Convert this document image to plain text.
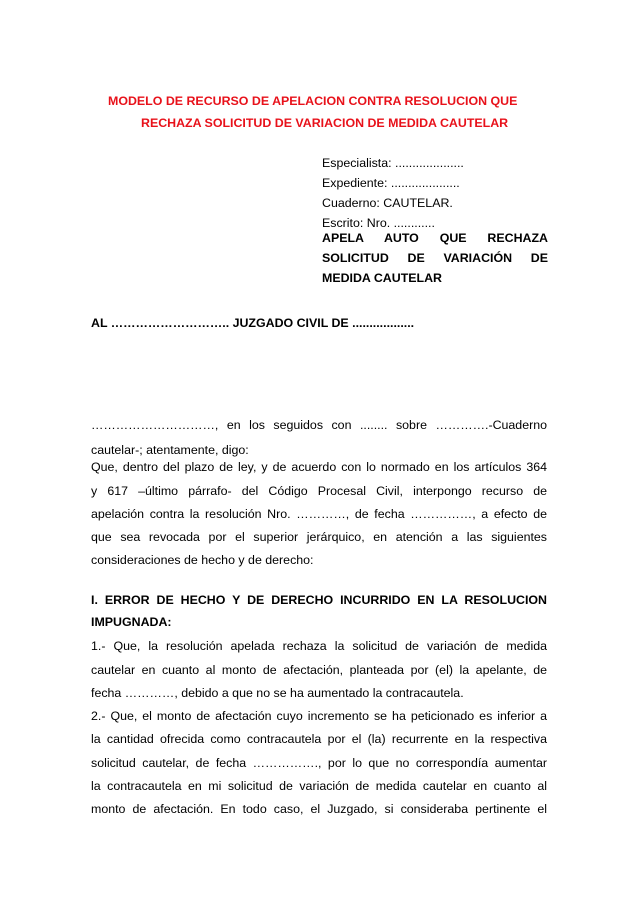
MODELO DE RECURSO DE APELACION CONTRA RESOLUCION QUE
RECHAZA SOLICITUD DE VARIACION DE MEDIDA CAUTELAR
Especialista: ....................
Expediente: ....................
Cuaderno: CAUTELAR.
Escrito: Nro. ............
APELA AUTO QUE RECHAZA
SOLICITUD DE VARIACIÓN DE
MEDIDA CAUTELAR
AL ……………………….. JUZGADO CIVIL DE ..................
…………………………, en los seguidos con ........ sobre ………….-Cuaderno
cautelar-; atentamente, digo:
Que, dentro del plazo de ley, y de acuerdo con lo normado en los artículos 364
y 617 –último párrafo- del Código Procesal Civil, interpongo recurso de
apelación contra la resolución Nro. …………, de fecha ……………, a efecto de
que sea revocada por el superior jerárquico, en atención a las siguientes
consideraciones de hecho y de derecho:
I. ERROR DE HECHO Y DE DERECHO INCURRIDO EN LA RESOLUCION
IMPUGNADA:
1.- Que, la resolución apelada rechaza la solicitud de variación de medida
cautelar en cuanto al monto de afectación, planteada por (el) la apelante, de
fecha …………, debido a que no se ha aumentado la contracautela.
2.- Que, el monto de afectación cuyo incremento se ha peticionado es inferior a
la cantidad ofrecida como contracautela por el (la) recurrente en la respectiva
solicitud cautelar, de fecha ……………., por lo que no correspondía aumentar
la contracautela en mi solicitud de variación de medida cautelar en cuanto al
monto de afectación. En todo caso, el Juzgado, si consideraba pertinente el
